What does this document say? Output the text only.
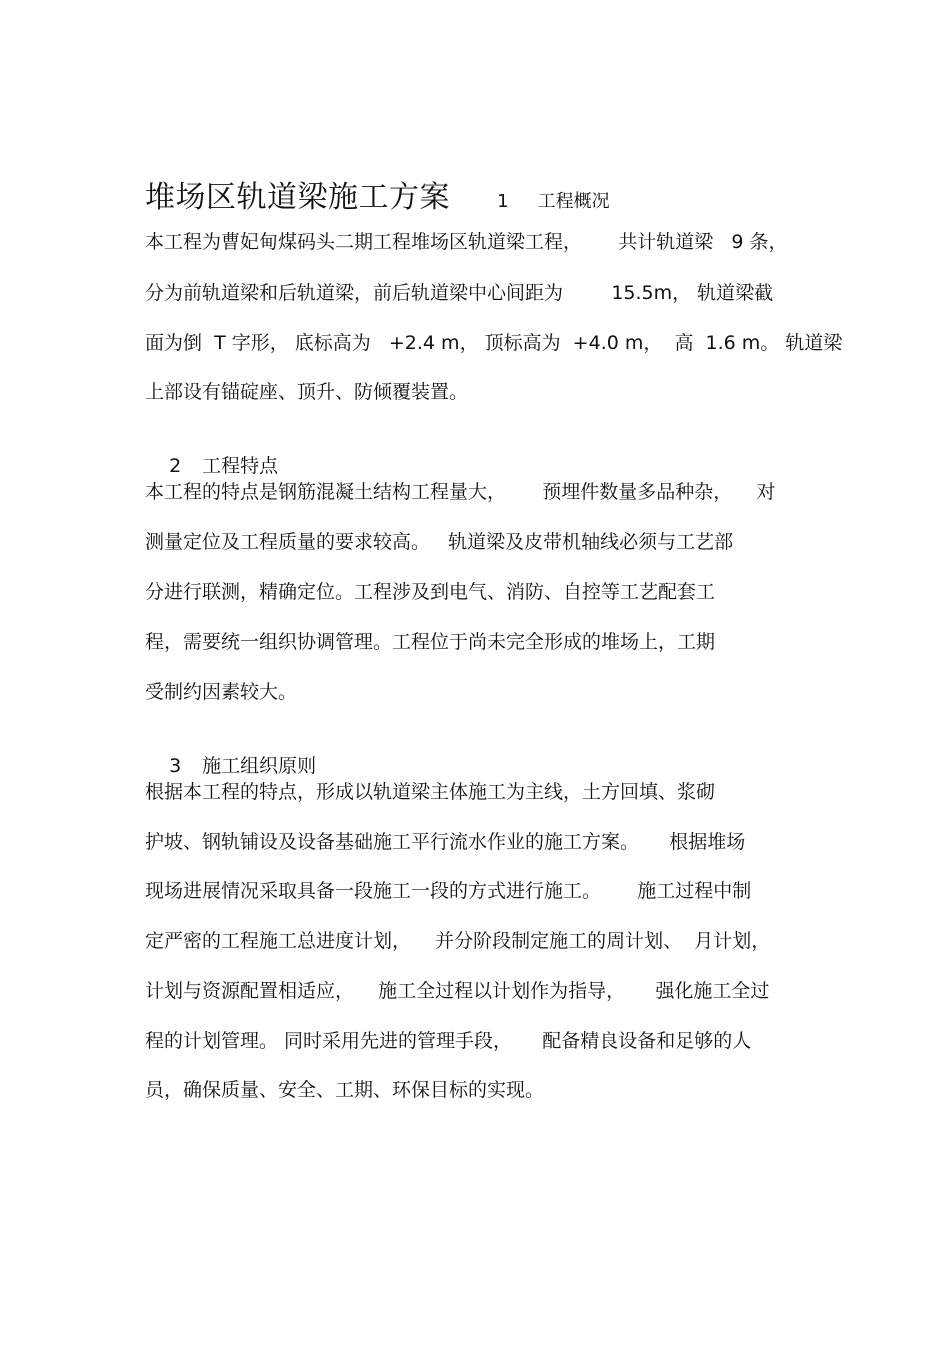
堆场区轨道梁施工方案	1 工程概况
本工程为曹妃甸煤码头二期工程堆场区轨道梁工程，      共计轨道梁   9 条，
分为前轨道梁和后轨道梁，前后轨道梁中心间距为        15.5m， 轨道梁截
面为倒  T 字形， 底标高为   +2.4 m， 顶标高为  +4.0 m，  高  1.6 m。 轨道梁
上部设有锚碇座、顶升、防倾覆装置。

2 工程特点

本工程的特点是钢筋混凝土结构工程量大，      预埋件数量多品种杂，    对
测量定位及工程质量的要求较高。   轨道梁及皮带机轴线必须与工艺部
分进行联测，精确定位。工程涉及到电气、消防、自控等工艺配套工
程，需要统一组织协调管理。工程位于尚未完全形成的堆场上，工期
受制约因素较大。

3 施工组织原则

根据本工程的特点，形成以轨道梁主体施工为主线，土方回填、浆砌
护坡、钢轨铺设及设备基础施工平行流水作业的施工方案。     根据堆场
现场进展情况采取具备一段施工一段的方式进行施工。      施工过程中制
定严密的工程施工总进度计划，    并分阶段制定施工的周计划、  月计划，
计划与资源配置相适应，    施工全过程以计划作为指导，     强化施工全过
程的计划管理。 同时采用先进的管理手段，     配备精良设备和足够的人
员，确保质量、安全、工期、环保目标的实现。
